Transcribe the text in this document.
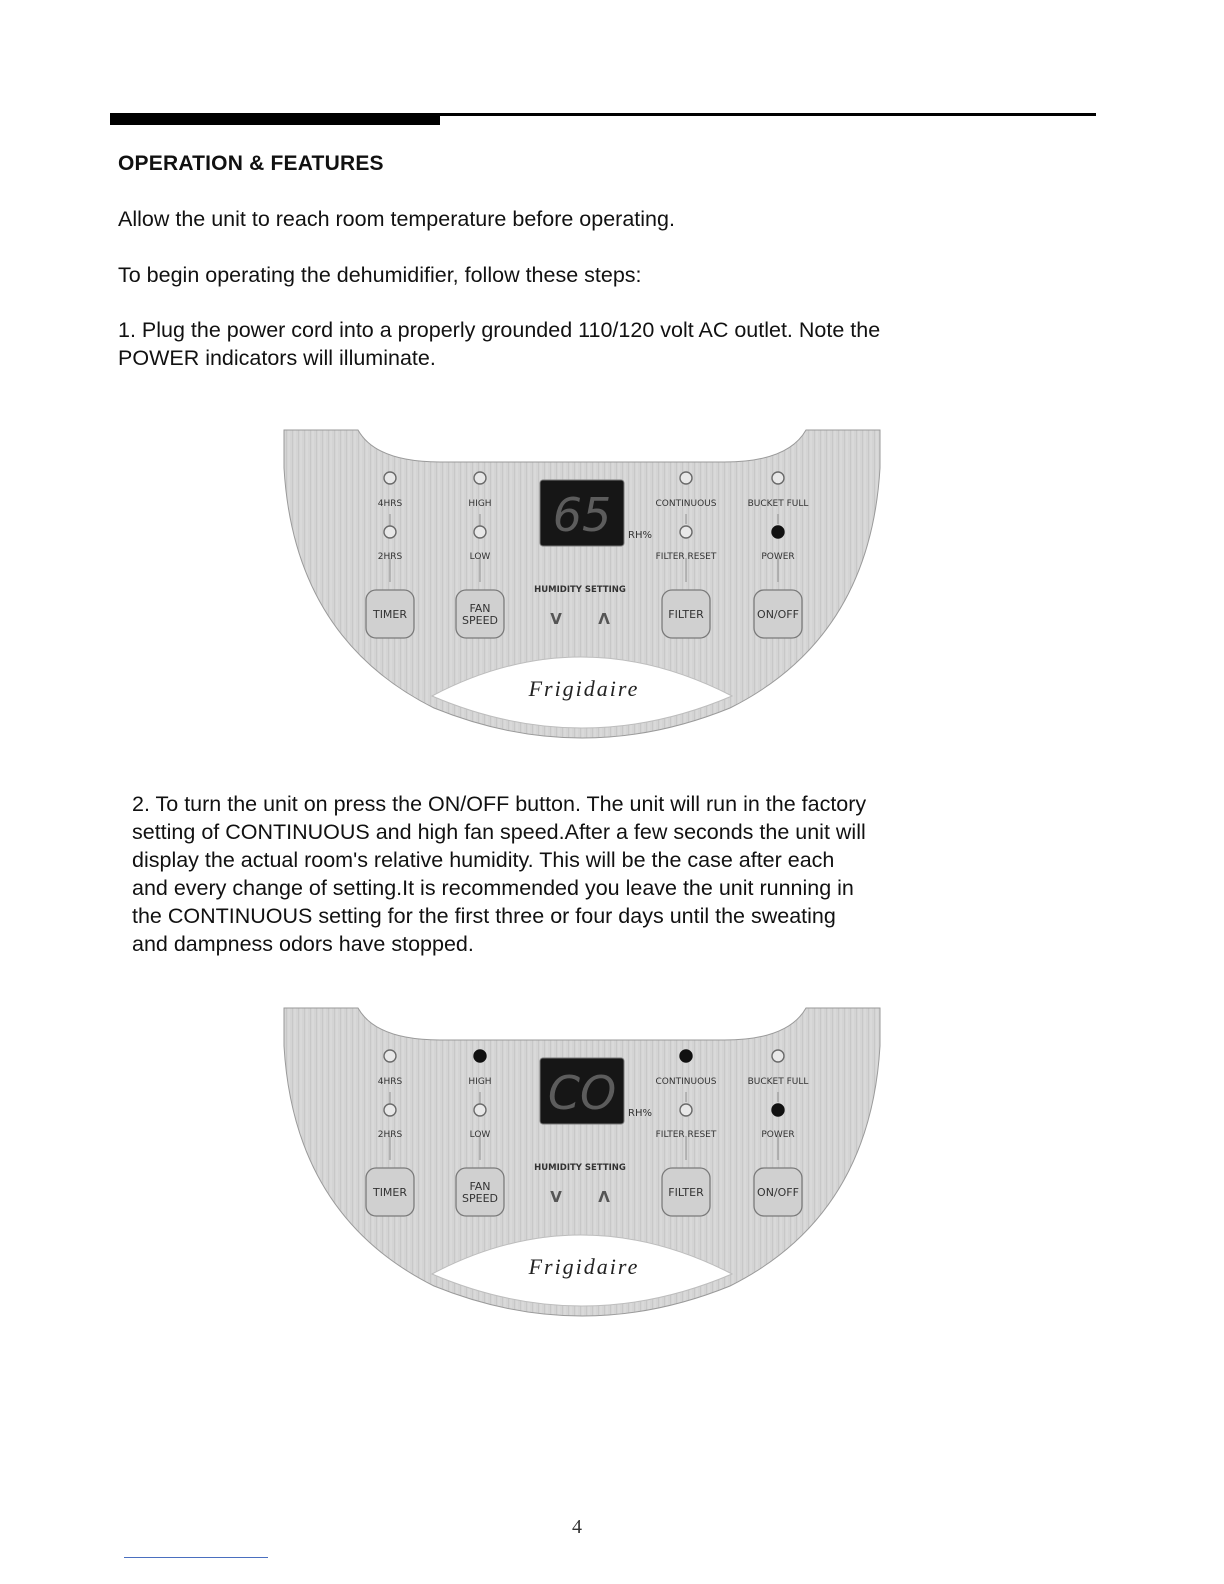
OPERATION & FEATURES

Allow the unit to reach room temperature before operating.

To begin operating the dehumidifier, follow these steps:

1. Plug the power cord into a properly grounded 110/120 volt AC outlet. Note the
POWER indicators will illuminate.

4HRS
2HRS
HIGH
LOW
CONTINUOUS
FILTER RESET
BUCKET FULL
POWER
65 RH%
HUMIDITY SETTING
TIMER	FAN
SPEED	FILTER	ON/OFF
V Λ
Frigidaire

2. To turn the unit on press the ON/OFF button. The unit will run in the factory
setting of CONTINUOUS and high fan speed.After a few seconds the unit will
display the actual room's relative humidity. This will be the case after each
and every change of setting.It is recommended you leave the unit running in
the CONTINUOUS setting for the first three or four days until the sweating
and dampness odors have stopped.

4HRS
2HRS
HIGH
LOW
CONTINUOUS
FILTER RESET
BUCKET FULL
POWER
CO RH%
HUMIDITY SETTING
TIMER	FAN
SPEED	FILTER	ON/OFF
V Λ
Frigidaire
4
